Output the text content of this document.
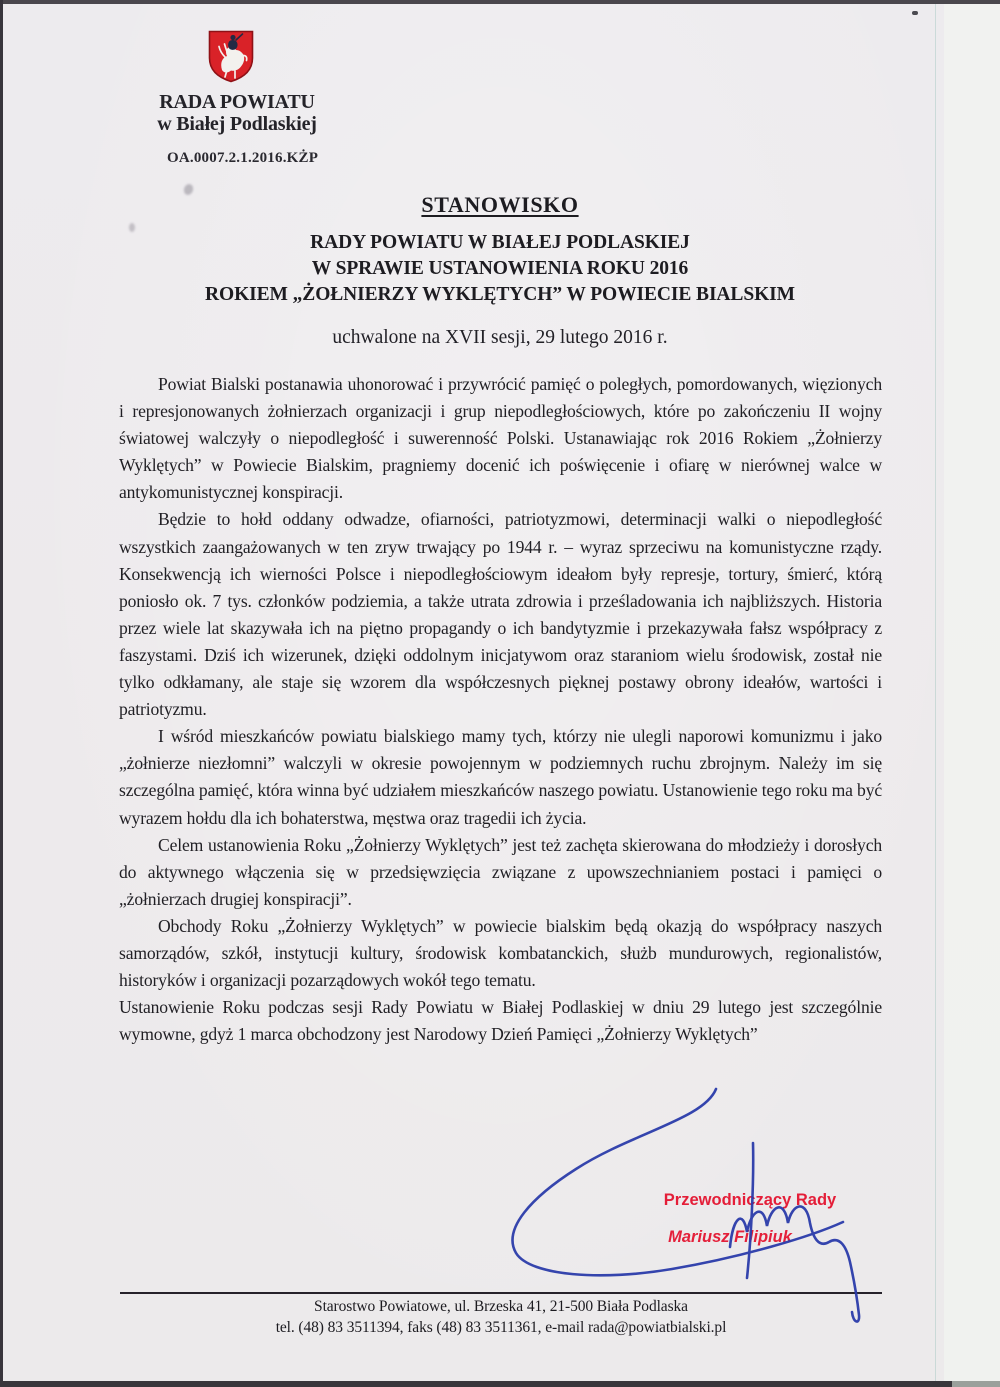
RADA POWIATU
w Białej Podlaskiej
OA.0007.2.1.2016.KŻP
STANOWISKO
RADY POWIATU W BIAŁEJ PODLASKIEJ
W SPRAWIE USTANOWIENIA ROKU 2016
ROKIEM „ŻOŁNIERZY WYKLĘTYCH” W POWIECIE BIALSKIM
uchwalone na XVII sesji, 29 lutego 2016 r.

Powiat Bialski postanawia uhonorować i przywrócić pamięć o poległych, pomordowanych, więzionych i represjonowanych żołnierzach organizacji i grup niepodległościowych, które po zakończeniu II wojny światowej walczyły o niepodległość i suwerenność Polski. Ustanawiając rok 2016 Rokiem „Żołnierzy Wyklętych” w Powiecie Bialskim, pragniemy docenić ich poświęcenie i ofiarę w nierównej walce w antykomunistycznej konspiracji.

Będzie to hołd oddany odwadze, ofiarności, patriotyzmowi, determinacji walki o niepodległość wszystkich zaangażowanych w ten zryw trwający po 1944 r. – wyraz sprzeciwu na komunistyczne rządy. Konsekwencją ich wierności Polsce i niepodległościowym ideałom były represje, tortury, śmierć, którą poniosło ok. 7 tys. członków podziemia, a także utrata zdrowia i prześladowania ich najbliższych. Historia przez wiele lat skazywała ich na piętno propagandy o ich bandytyzmie i przekazywała fałsz współpracy z faszystami. Dziś ich wizerunek, dzięki oddolnym inicjatywom oraz staraniom wielu środowisk, został nie tylko odkłamany, ale staje się wzorem dla współczesnych pięknej postawy obrony ideałów, wartości i patriotyzmu.

I wśród mieszkańców powiatu bialskiego mamy tych, którzy nie ulegli naporowi komunizmu i jako „żołnierze niezłomni” walczyli w okresie powojennym w podziemnych ruchu zbrojnym. Należy im się szczególna pamięć, która winna być udziałem mieszkańców naszego powiatu. Ustanowienie tego roku ma być wyrazem hołdu dla ich bohaterstwa, męstwa oraz tragedii ich życia.

Celem ustanowienia Roku „Żołnierzy Wyklętych” jest też zachęta skierowana do młodzieży i dorosłych do aktywnego włączenia się w przedsięwzięcia związane z upowszechnianiem postaci i pamięci o „żołnierzach drugiej konspiracji”.

Obchody Roku „Żołnierzy Wyklętych” w powiecie bialskim będą okazją do współpracy naszych samorządów, szkół, instytucji kultury, środowisk kombatanckich, służb mundurowych, regionalistów, historyków i organizacji pozarządowych wokół tego tematu.

Ustanowienie Roku podczas sesji Rady Powiatu w Białej Podlaskiej w dniu 29 lutego jest szczególnie wymowne, gdyż 1 marca obchodzony jest Narodowy Dzień Pamięci „Żołnierzy Wyklętych”

Przewodniczący Rady
Mariusz Filipiuk
Starostwo Powiatowe, ul. Brzeska 41, 21-500 Biała Podlaska
tel. (48) 83 3511394, faks (48) 83 3511361, e-mail rada@powiatbialski.pl
